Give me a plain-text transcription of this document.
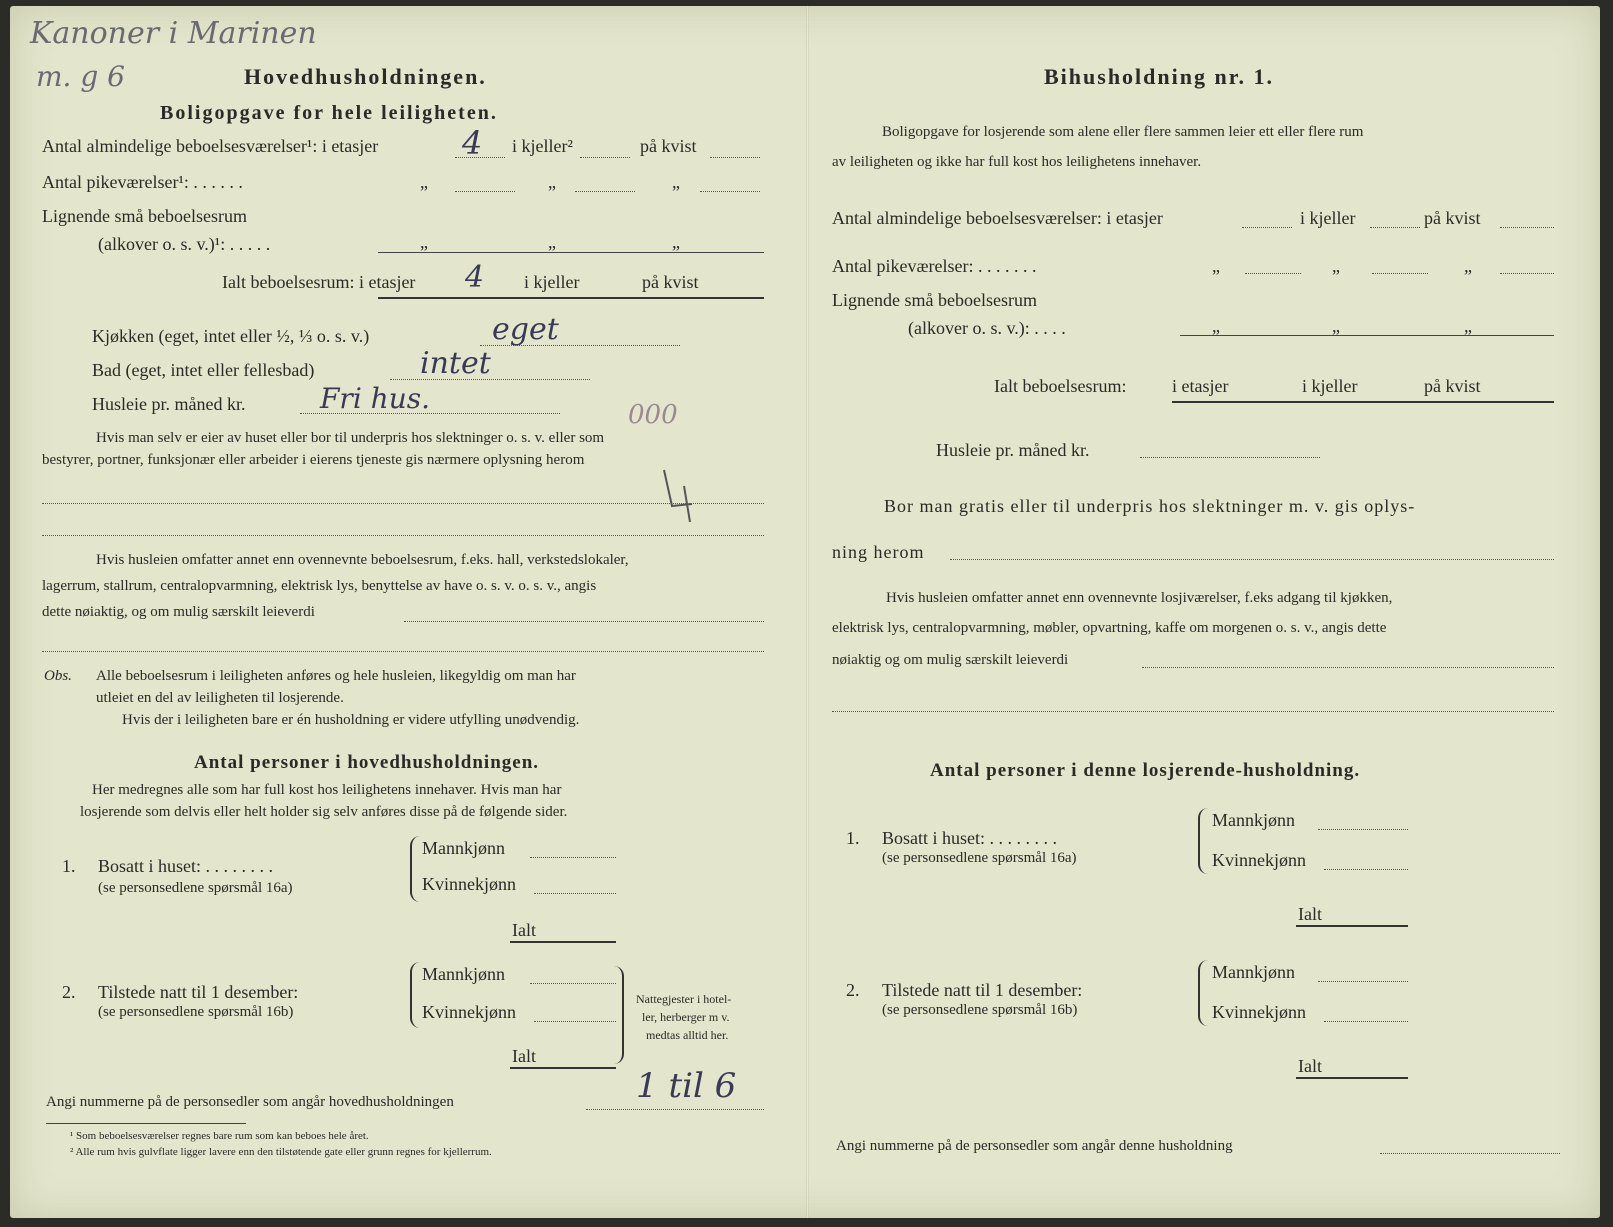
Kanoner i Marinen
m. g 6	Hovedhusholdningen.
Boligopgave for hele leiligheten.
Antal almindelige beboelsesværelser¹: i etasjer	4 i kjeller²	på kvist
Antal pikeværelser¹: . . . . . .	„	„	„
Lignende små beboelsesrum
(alkover o. s. v.)¹: . . . . .	„	„	„
Ialt beboelsesrum: i etasjer 4 i kjeller	på kvist
Kjøkken (eget, intet eller ½, ⅓ o. s. v.)	eget
Bad (eget, intet eller fellesbad)	intet
Husleie pr. måned kr.	Fri hus.	000
Hvis man selv er eier av huset eller bor til underpris hos slektninger o. s. v. eller som
bestyrer, portner, funksjonær eller arbeider i eierens tjeneste gis nærmere oplysning herom
Hvis husleien omfatter annet enn ovennevnte beboelsesrum, f.eks. hall, verkstedslokaler,
lagerrum, stallrum, centralopvarmning, elektrisk lys, benyttelse av have o. s. v. o. s. v., angis
dette nøiaktig, og om mulig særskilt leieverdi
Obs. Alle beboelsesrum i leiligheten anføres og hele husleien, likegyldig om man har
utleiet en del av leiligheten til losjerende.
Hvis der i leiligheten bare er én husholdning er videre utfylling unødvendig.
Antal personer i hovedhusholdningen.
Her medregnes alle som har full kost hos leilighetens innehaver. Hvis man har
losjerende som delvis eller helt holder sig selv anføres disse på de følgende sider.
1. Bosatt i huset: . . . . . . . .
(se personsedlene spørsmål 16a)
Mannkjønn
Kvinnekjønn
Ialt
2. Tilstede natt til 1 desember:
(se personsedlene spørsmål 16b)
Mannkjønn
Kvinnekjønn
Ialt
Nattegjester i hotel-
ler, herberger m v.
medtas alltid her.
Angi nummerne på de personsedler som angår hovedhusholdningen	1 til 6
¹ Som beboelsesværelser regnes bare rum som kan beboes hele året.
² Alle rum hvis gulvflate ligger lavere enn den tilstøtende gate eller grunn regnes for kjellerrum.
Bihusholdning nr. 1.
Boligopgave for losjerende som alene eller flere sammen leier ett eller flere rum
av leiligheten og ikke har full kost hos leilighetens innehaver.
Antal almindelige beboelsesværelser: i etasjer	i kjeller	på kvist
Antal pikeværelser: . . . . . . .	„	„	„
Lignende små beboelsesrum
(alkover o. s. v.): . . . .	„	„	„
Ialt beboelsesrum:	i etasjer	i kjeller	på kvist
Husleie pr. måned kr.
Bor man gratis eller til underpris hos slektninger m. v. gis oplys-
ning herom
Hvis husleien omfatter annet enn ovennevnte losjiværelser, f.eks adgang til kjøkken,
elektrisk lys, centralopvarmning, møbler, opvartning, kaffe om morgenen o. s. v., angis dette
nøiaktig og om mulig særskilt leieverdi
Antal personer i denne losjerende-husholdning.
1. Bosatt i huset: . . . . . . . .
(se personsedlene spørsmål 16a)
Mannkjønn
Kvinnekjønn
Ialt
2. Tilstede natt til 1 desember:
(se personsedlene spørsmål 16b)
Mannkjønn
Kvinnekjønn
Ialt
Angi nummerne på de personsedler som angår denne husholdning
